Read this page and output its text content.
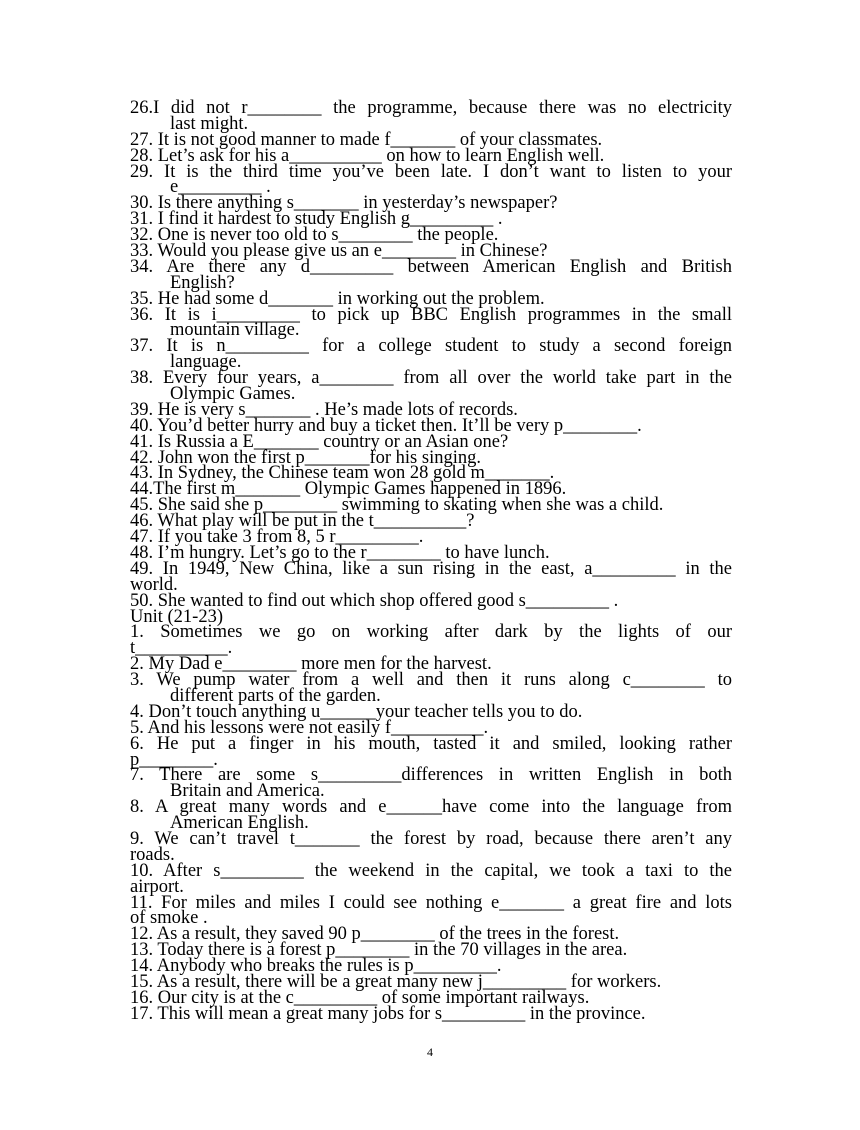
26.I did not r________ the programme, because there was no electricity
last might.
27. It is not good manner to made f_______ of your classmates.
28. Let’s ask for his a__________ on how to learn English well.
29. It is the third time you’ve been late. I don’t want to listen to your
e_________ .
30. Is there anything s_______ in yesterday’s newspaper?
31. I find it hardest to study English g_________ .
32. One is never too old to s________ the people.
33. Would you please give us an e________ in Chinese?
34. Are there any d_________ between American English and British
English?
35. He had some d_______ in working out the problem.
36. It is i_________ to pick up BBC English programmes in the small
mountain village.
37. It is n_________ for a college student to study a second foreign
language.
38. Every four years, a________ from all over the world take part in the
Olympic Games.
39. He is very s_______ . He’s made lots of records.
40. You’d better hurry and buy a ticket then. It’ll be very p________.
41. Is Russia a E_______ country or an Asian one?
42. John won the first p_______for his singing.
43. In Sydney, the Chinese team won 28 gold m_______.
44.The first m_______ Olympic Games happened in 1896.
45. She said she p________ swimming to skating when she was a child.
46. What play will be put in the t__________?
47. If you take 3 from 8, 5 r_________.
48. I’m hungry. Let’s go to the r________ to have lunch.
49. In 1949, New China, like a sun rising in the east, a_________ in the
world.
50. She wanted to find out which shop offered good s_________ .
Unit (21-23)
1. Sometimes we go on working after dark by the lights of our
t__________.
2. My Dad e________ more men for the harvest.
3. We pump water from a well and then it runs along c________ to
different parts of the garden.
4. Don’t touch anything u______your teacher tells you to do.
5. And his lessons were not easily f__________.
6. He put a finger in his mouth, tasted it and smiled, looking rather
p________.
7. There are some s_________differences in written English in both
Britain and America.
8. A great many words and e______have come into the language from
American English.
9. We can’t travel t_______ the forest by road, because there aren’t any
roads.
10. After s_________ the weekend in the capital, we took a taxi to the
airport.
11. For miles and miles I could see nothing e_______ a great fire and lots
of smoke .
12. As a result, they saved 90 p________ of the trees in the forest.
13. Today there is a forest p________ in the 70 villages in the area.
14. Anybody who breaks the rules is p_________.
15. As a result, there will be a great many new j_________ for workers.
16. Our city is at the c_________ of some important railways.
17. This will mean a great many jobs for s_________ in the province.
4
